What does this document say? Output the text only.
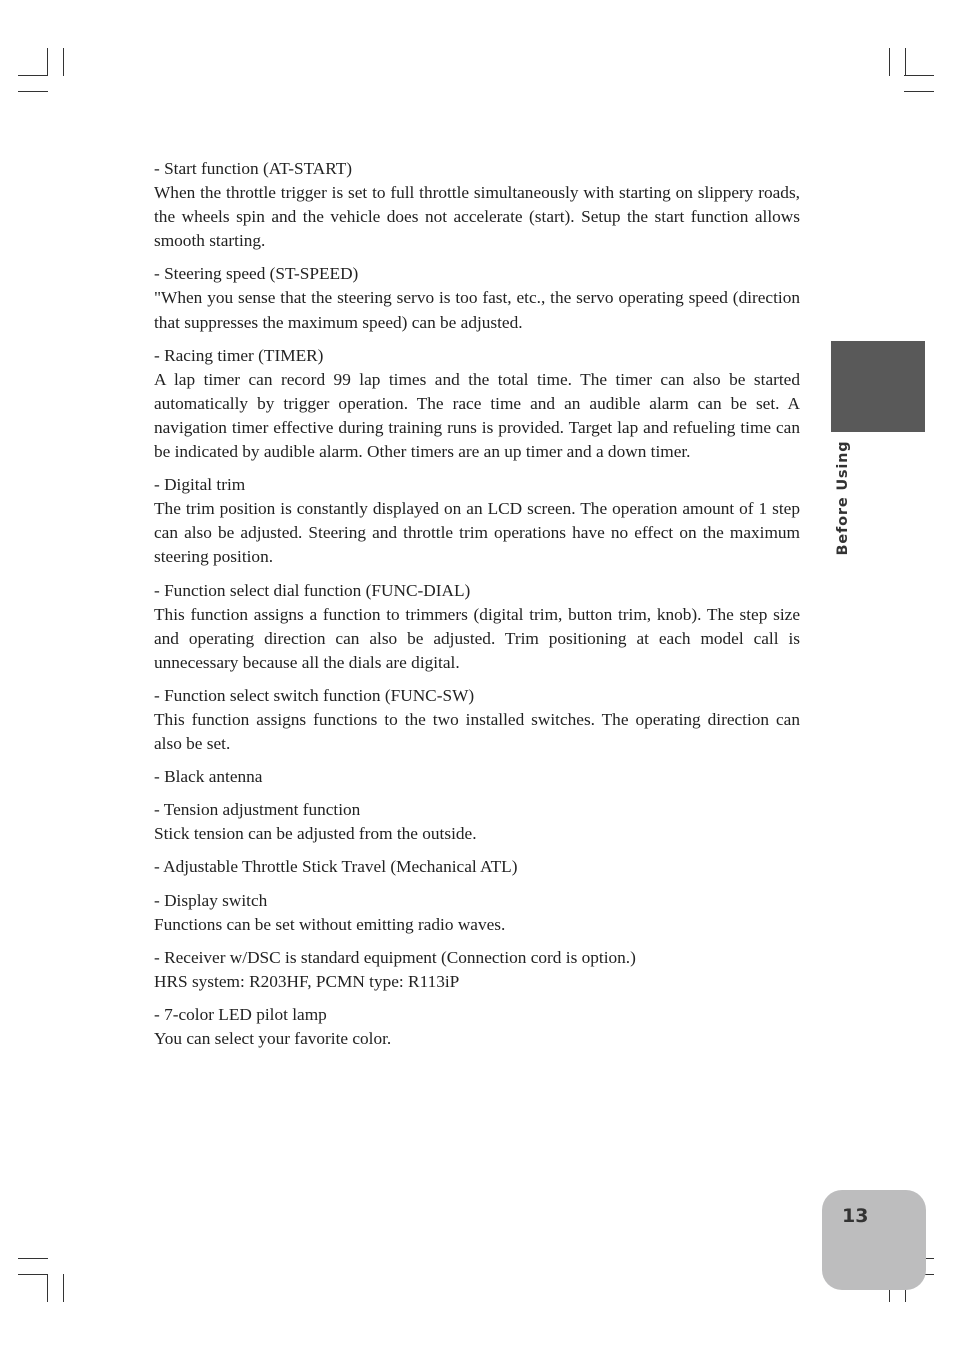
- Start function (AT-START)

When the throttle trigger is set to full throttle simultaneously with starting on slippery roads, the wheels spin and the vehicle does not accelerate (start). Setup the start function allows smooth starting.

- Steering speed (ST-SPEED)

"When you sense that the steering servo is too fast, etc., the servo operating speed (direction that suppresses the maximum speed) can be adjusted.

- Racing timer (TIMER)

A lap timer can record 99 lap times and the total time. The timer can also be started automatically by trigger operation. The race time and an audible alarm can be set. A navigation timer effective during training runs is provided. Target lap and refueling time can be indicated by audible alarm. Other timers are an up timer and a down timer.

- Digital trim

The trim position is constantly displayed on an LCD screen. The operation amount of 1 step can also be adjusted. Steering and throttle trim operations have no effect on the maximum steering position.

- Function select dial function (FUNC-DIAL)

This function assigns a function to trimmers (digital trim, button trim, knob). The step size and operating direction can also be adjusted. Trim positioning at each model call is unnecessary because all the dials are digital.

- Function select switch function (FUNC-SW)

This function assigns functions to the two installed switches. The operating direction can also be set.

- Black antenna

- Tension adjustment function

Stick tension can be adjusted from the outside.

- Adjustable Throttle Stick Travel (Mechanical ATL)

- Display switch

Functions can be set without emitting radio waves.

- Receiver w/DSC is standard equipment (Connection cord is option.)

HRS system: R203HF, PCMN type: R113iP

- 7-color LED pilot lamp

You can select your favorite color.

Before Using
13
